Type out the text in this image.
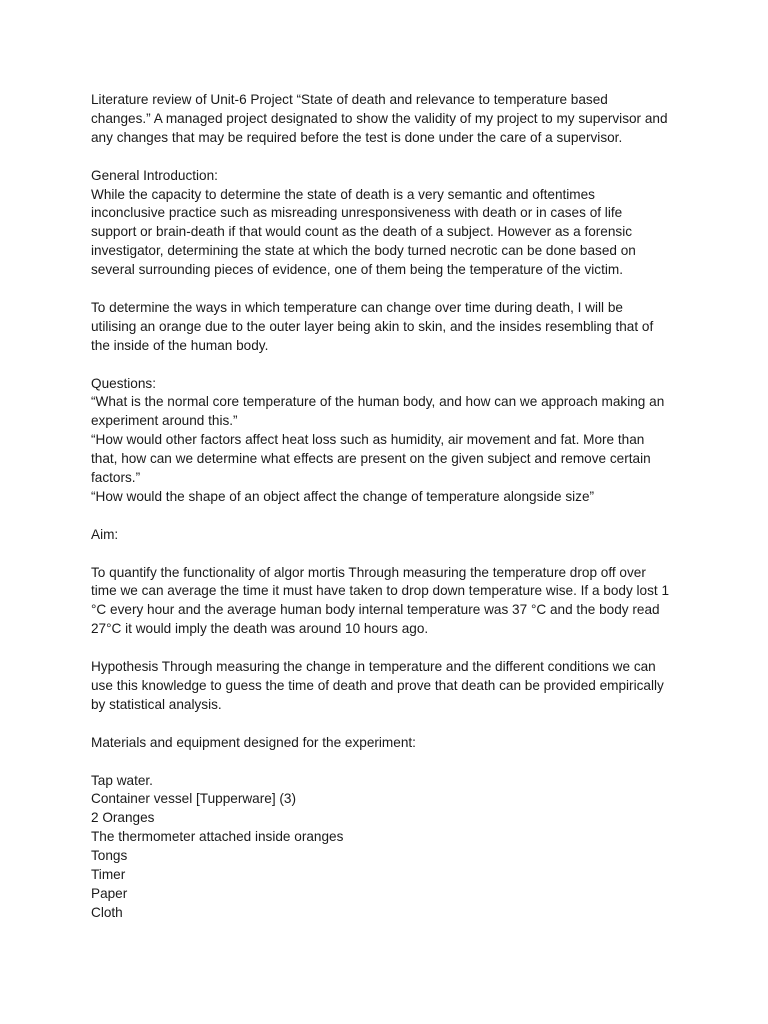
Literature review of Unit-6 Project “State of death and relevance to temperature based
changes.” A managed project designated to show the validity of my project to my supervisor and
any changes that may be required before the test is done under the care of a supervisor.
General Introduction:
While the capacity to determine the state of death is a very semantic and oftentimes
inconclusive practice such as misreading unresponsiveness with death or in cases of life
support or brain-death if that would count as the death of a subject. However as a forensic
investigator, determining the state at which the body turned necrotic can be done based on
several surrounding pieces of evidence, one of them being the temperature of the victim.
To determine the ways in which temperature can change over time during death, I will be
utilising an orange due to the outer layer being akin to skin, and the insides resembling that of
the inside of the human body.
Questions:
“What is the normal core temperature of the human body, and how can we approach making an
experiment around this.”
“How would other factors affect heat loss such as humidity, air movement and fat. More than
that, how can we determine what effects are present on the given subject and remove certain
factors.”
“How would the shape of an object affect the change of temperature alongside size”
Aim:
To quantify the functionality of algor mortis Through measuring the temperature drop off over
time we can average the time it must have taken to drop down temperature wise. If a body lost 1
°C every hour and the average human body internal temperature was 37 °C and the body read
27°C it would imply the death was around 10 hours ago.
Hypothesis Through measuring the change in temperature and the different conditions we can
use this knowledge to guess the time of death and prove that death can be provided empirically
by statistical analysis.
Materials and equipment designed for the experiment:
Tap water.
Container vessel [Tupperware] (3)
2 Oranges
The thermometer attached inside oranges
Tongs
Timer
Paper
Cloth
